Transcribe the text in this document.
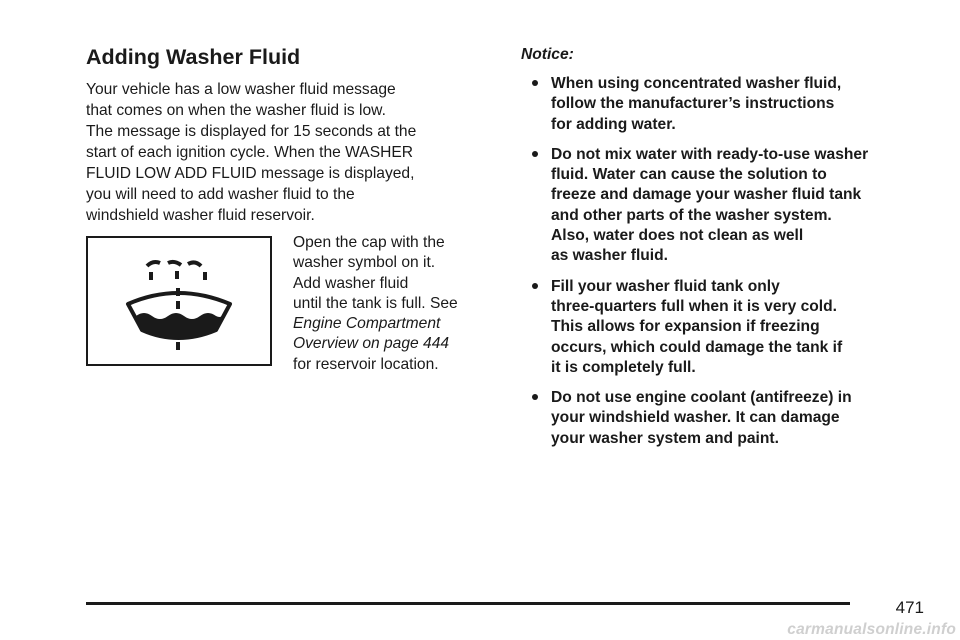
Adding Washer Fluid

Your vehicle has a low washer fluid message
that comes on when the washer fluid is low.
The message is displayed for 15 seconds at the
start of each ignition cycle. When the WASHER
FLUID LOW ADD FLUID message is displayed,
you will need to add washer fluid to the
windshield washer fluid reservoir.

Open the cap with the
washer symbol on it.
Add washer fluid
until the tank is full. See
Engine Compartment
Overview on page 444
for reservoir location.
Notice:
When using concentrated washer fluid,
follow the manufacturer’s instructions
for adding water.
Do not mix water with ready-to-use washer
fluid. Water can cause the solution to
freeze and damage your washer fluid tank
and other parts of the washer system.
Also, water does not clean as well
as washer fluid.
Fill your washer fluid tank only
three-quarters full when it is very cold.
This allows for expansion if freezing
occurs, which could damage the tank if
it is completely full.
Do not use engine coolant (antifreeze) in
your windshield washer. It can damage
your washer system and paint.
471
carmanualsonline.info
